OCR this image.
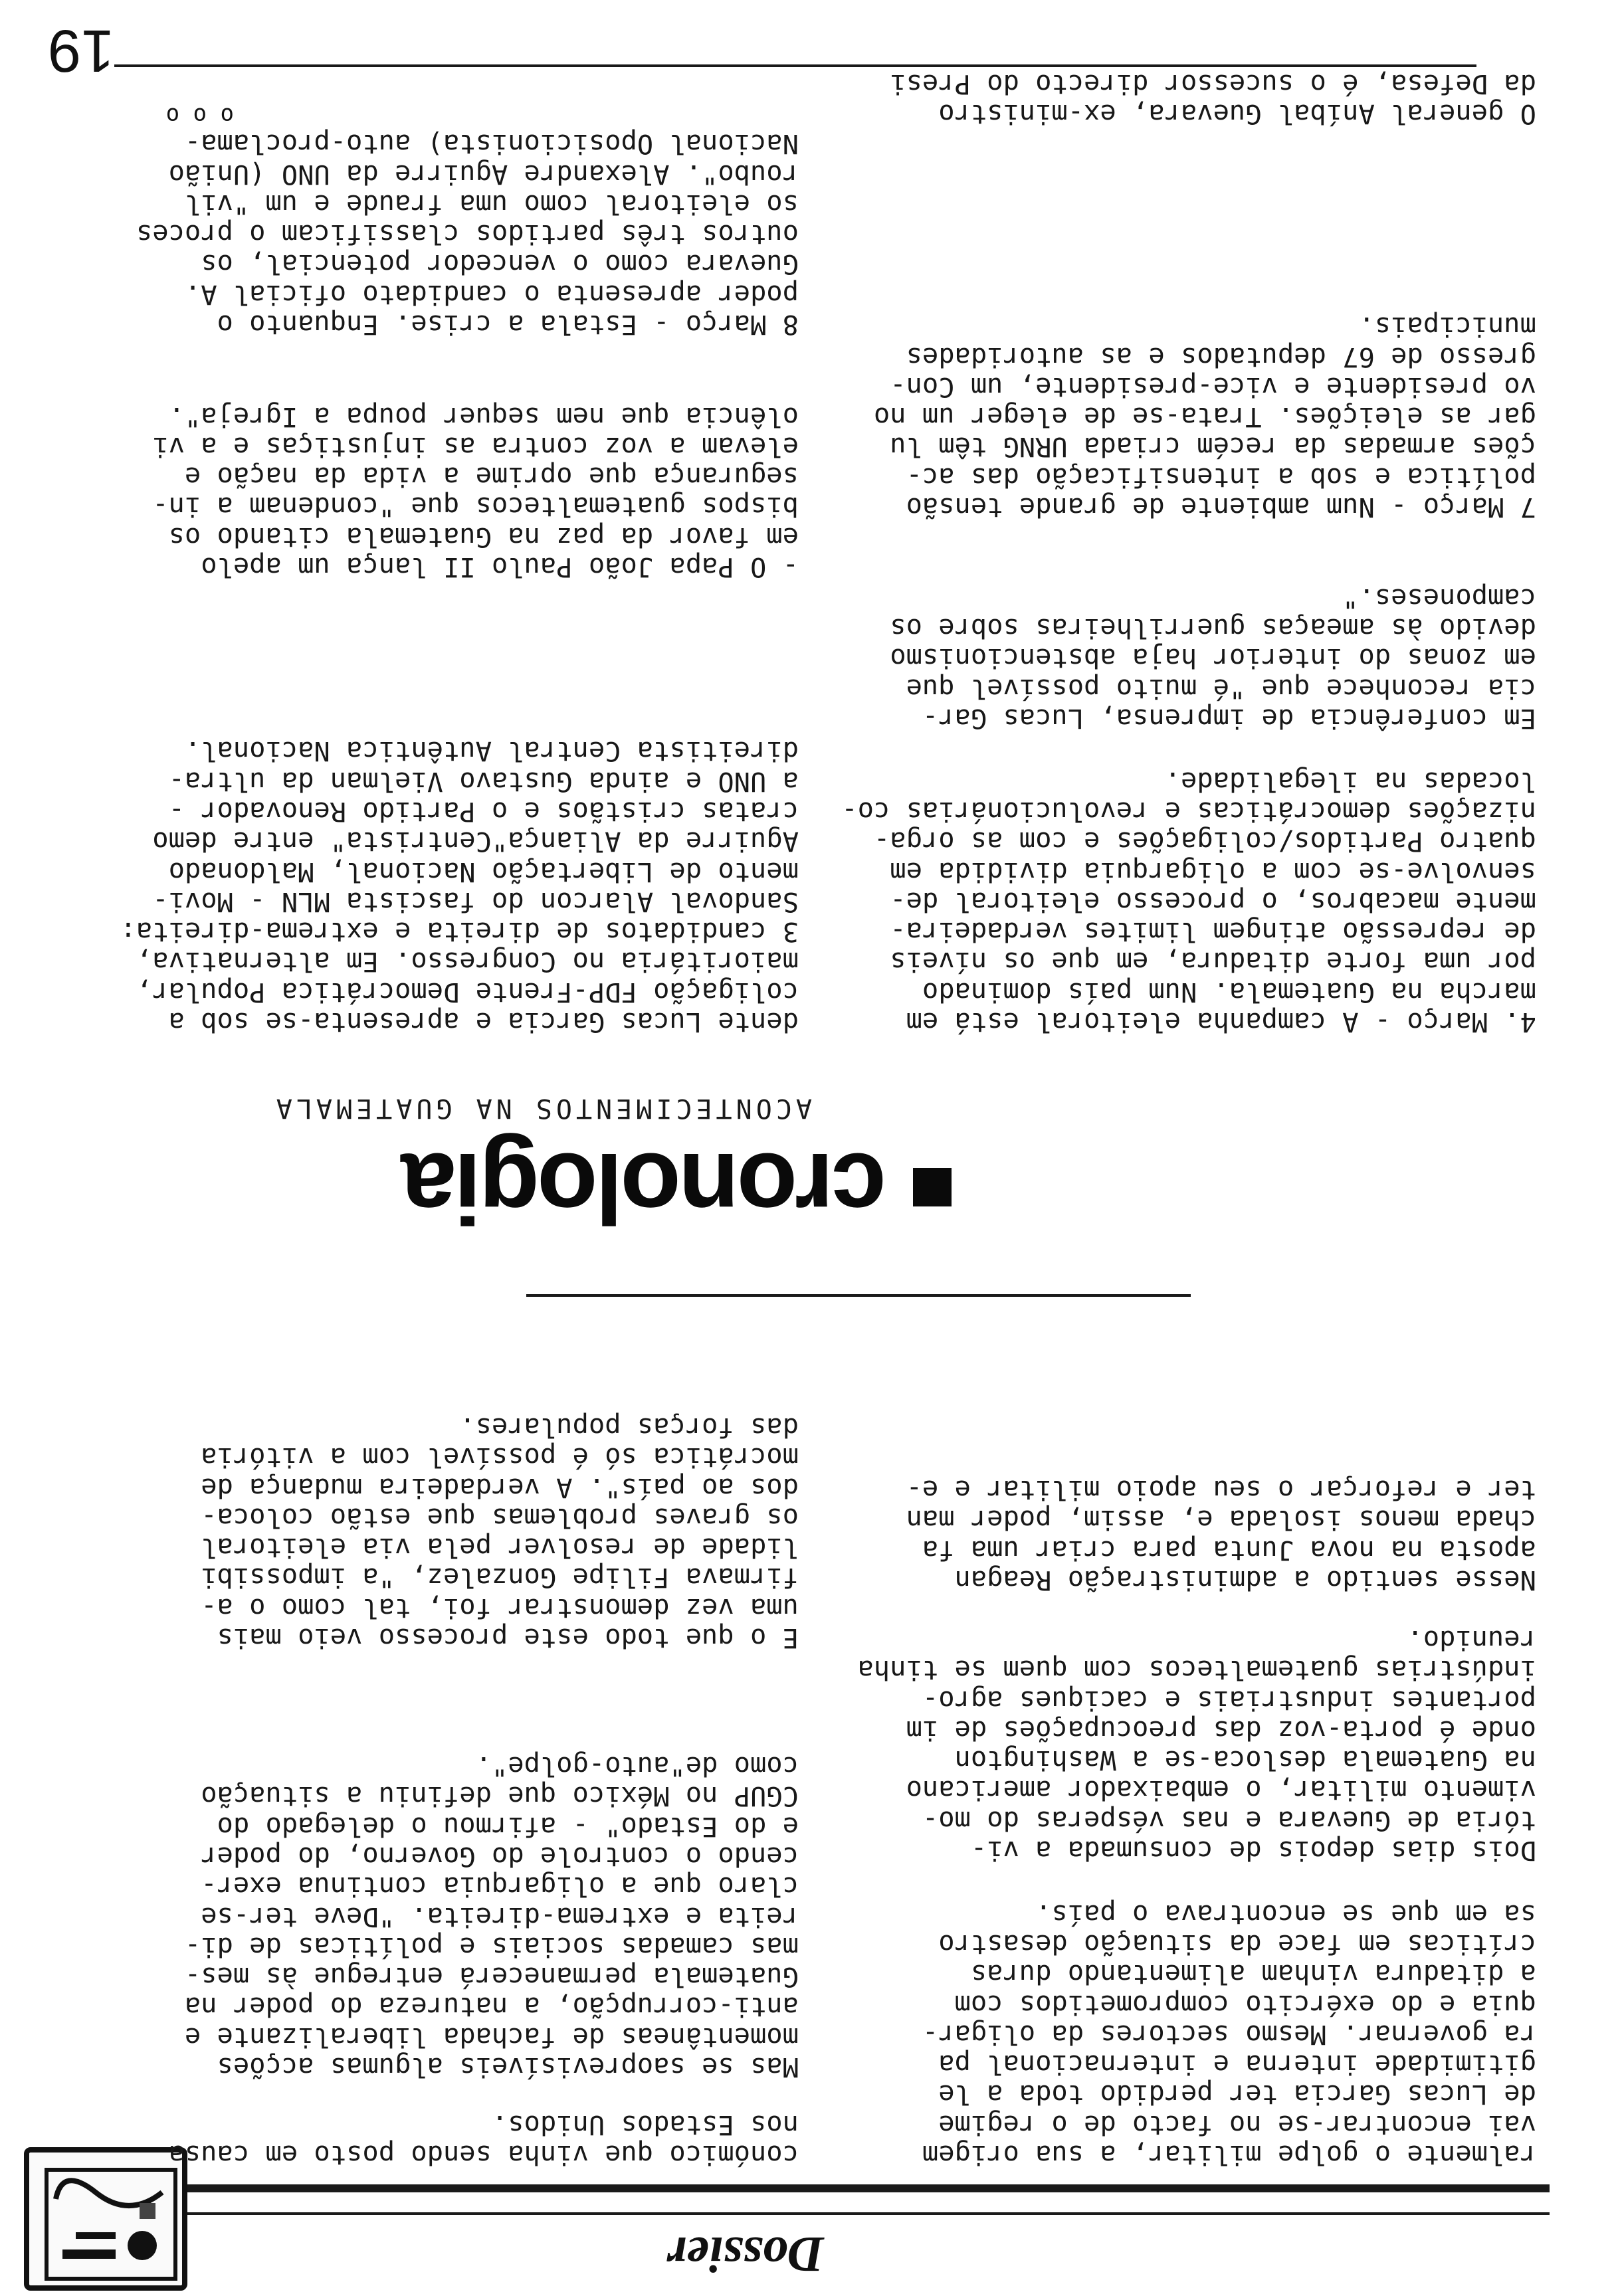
Dossier

ralmente o golpe militar, a sua origem
vai encontrar-se no facto de o regime
de Lucas Garcia ter perdido toda a le
gitimidade interna e internacional pa
ra governar. Mesmo sectores da oligar-
quia e do exército comprometidos com
a ditadura vinham alimentando duras
críticas em face da situação desastro
sa em que se encontrava o país.

Dois dias depois de consumada a vi-
tória de Guevara e nas vésperas do mo-
vimento militar, o embaixador americano
na Guatemala desloca-se a Washington
onde é porta-voz das preocupações de im
portantes industriais e caciques agro-
indústrias guatemaltecos com quem se tinha
reunido.

Nesse sentido a administração Reagan
aposta na nova Junta para criar uma fa
chada menos isolada e, assim, poder man
ter e reforçar o seu apoio militar e e-

conómico que vinha sendo posto em causa
nos Estados Unidos.

Mas se saoprevisíveis algumas acções
momentâneas de fachada liberalizante e
anti-corrupção, a natureza do poder na
Guatemala permanecerá entregue às mes-
mas camadas sociais e políticas de di-
reita e extrema-direita. "Deve ter-se
claro que a oligarquia continua exer-
cendo o controle do Governo, do poder
e do Estado" - afirmou o delegado do
CGUP no México que definiu a situação
como de"auto-golpe".

E o que todo este processo veio mais
uma vez demonstrar foi, tal como o a-
firmava Filipe Gonzalez, "a impossibi
lidade de resolver pela via eleitoral
os graves problemas que estão coloca-
dos ao país". A verdadeira mudança de
mocrática só é possível com a vitória
das forças populares.

cronologia
ACONTECIMENTOS NA GUATEMALA

4. Março - A campanha eleitoral está em
marcha na Guatemala. Num país dominado
por uma forte ditadura, em que os níveis
de repressão atingem limites verdadeira-
mente macabros, o processo eleitoral de-
senvolve-se com a oligarquia dividida em
quatro Partidos/coligações e com as orga-
nizações democráticas e revolucionárias co-
locadas na ilegalidade.

Em conferência de imprensa, Lucas Gar-
cia reconhece que "é muito possível que
em zonas do interior haja abstencionismo
devido às ameaças guerrilheiras sobre os
camponeses."

7 Março - Num ambiente de grande tensão
política e sob a intensificação das ac-
ções armadas da recém criada URNG têm lu
gar as eleições. Trata-se de eleger um no
vo presidente e vice-presidente, um Con-
gresso de 67 deputados e as autoridades
municipais.

O general Aníbal Guevara, ex-ministro
da Defesa, é o sucessor directo do Presi

dente Lucas Garcia e apresenta-se sob a
coligação FDP-Frente Democrática Popular,
maioritária no Congresso. Em alternativa,
3 candidatos de direita e extrema-direita:
Sandoval Alarcon do fascista MLN - Movi-
mento de Libertação Nacional, Maldonado
Aguirre da Aliança"Centrista" entre demo
cratas cristãos e o Partido Renovador -
a UNO e ainda Gustavo Vielman da ultra-
direitista Central Autêntica Nacional.

- O Papa João Paulo II lança um apelo
em favor da paz na Guatemala citando os
bispos guatemaltecos que "condenam a in-
segurança que oprime a vida da nação e
elevam a voz contra as injustiças e a vi
olência que nem sequer poupa a Igreja".

8 Março - Estala a crise. Enquanto o
poder apresenta o candidato oficial A.
Guevara como o vencedor potencial, os
outros três partidos classificam o proces
so eleitoral como uma fraude e um "vil
roubo". Alexandre Aguirre da UNO (União
Nacional Oposicionista) auto-proclama-

o o o
19
